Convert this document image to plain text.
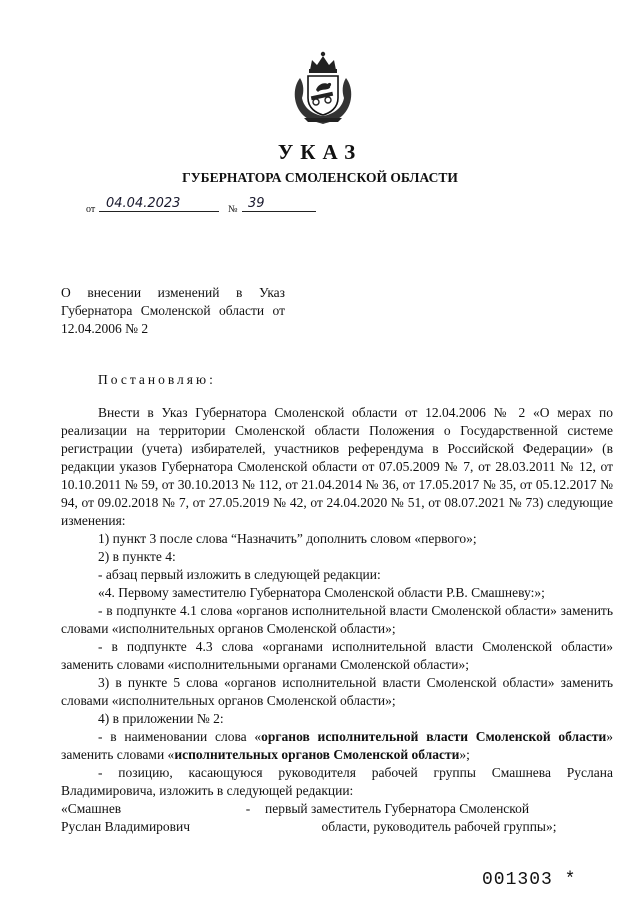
УКАЗ
ГУБЕРНАТОРА СМОЛЕНСКОЙ ОБЛАСТИ
от 04.04.2023	№ 39
О внесении изменений в Указ Губернатора Смоленской области от 12.04.2006 № 2
Постановляю:

Внести в Указ Губернатора Смоленской области от 12.04.2006 № 2 «О мерах по реализации на территории Смоленской области Положения о Государственной системе регистрации (учета) избирателей, участников референдума в Российской Федерации» (в редакции указов Губернатора Смоленской области от 07.05.2009 № 7, от 28.03.2011 № 12, от 10.10.2011 № 59, от 30.10.2013 № 112, от 21.04.2014 № 36, от 17.05.2017 № 35, от 05.12.2017 № 94, от 09.02.2018 № 7, от 27.05.2019 № 42, от 24.04.2020 № 51, от 08.07.2021 № 73) следующие изменения:

1) пункт 3 после слова “Назначить” дополнить словом «первого»;

2) в пункте 4:

- абзац первый изложить в следующей редакции:

«4. Первому заместителю Губернатора Смоленской области Р.В. Смашневу:»;

- в подпункте 4.1 слова «органов исполнительной власти Смоленской области» заменить словами «исполнительных органов Смоленской области»;

- в подпункте 4.3 слова «органами исполнительной власти Смоленской области» заменить словами «исполнительными органами Смоленской области»;

3) в пункте 5 слова «органов исполнительной власти Смоленской области» заменить словами «исполнительных органов Смоленской области»;

4) в приложении № 2:

- в наименовании слова «органов исполнительной власти Смоленской области» заменить словами «исполнительных органов Смоленской области»;

- позицию, касающуюся руководителя рабочей группы Смашнева Руслана Владимировича, изложить в следующей редакции:

«Смашнев	-	первый заместитель Губернатора Смоленской
Руслан Владимирович	области, руководитель рабочей группы»;
001303 *
